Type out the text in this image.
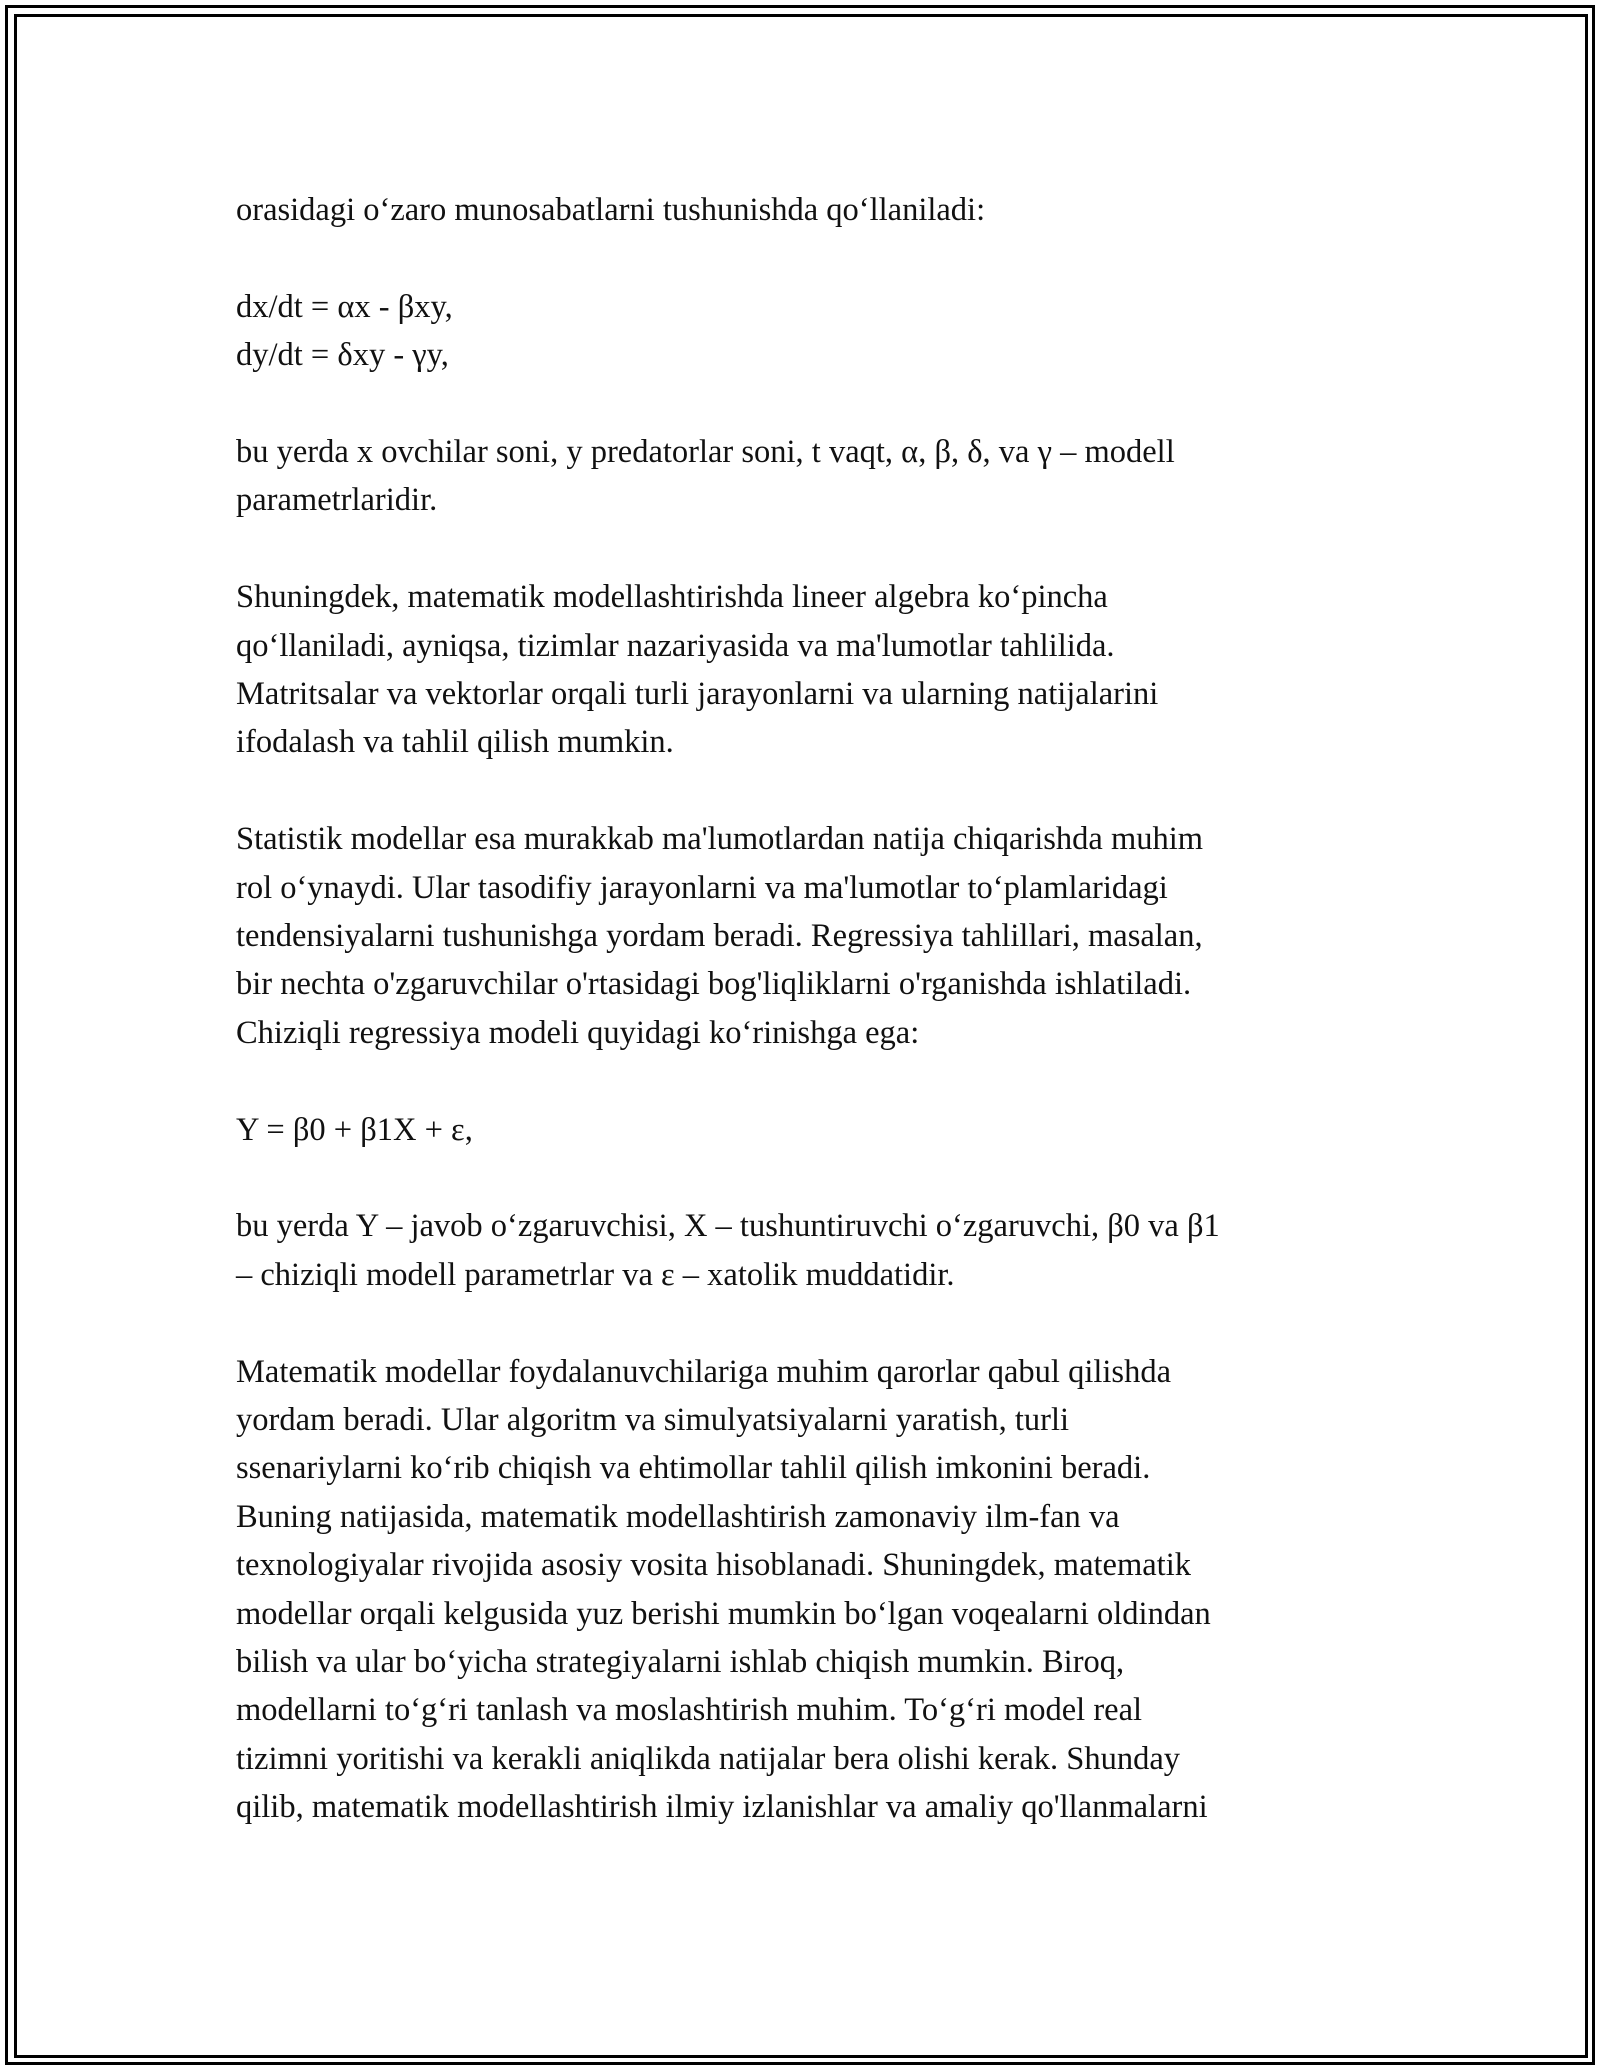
orasidagi o‘zaro munosabatlarni tushunishda qo‘llaniladi:

dx/dt = αx - βxy,
dy/dt = δxy - γy,

bu yerda x ovchilar soni, y predatorlar soni, t vaqt, α, β, δ, va γ – modell
parametrlaridir.

Shuningdek, matematik modellashtirishda lineer algebra ko‘pincha
qo‘llaniladi, ayniqsa, tizimlar nazariyasida va ma'lumotlar tahlilida.
Matritsalar va vektorlar orqali turli jarayonlarni va ularning natijalarini
ifodalash va tahlil qilish mumkin.

Statistik modellar esa murakkab ma'lumotlardan natija chiqarishda muhim
rol o‘ynaydi. Ular tasodifiy jarayonlarni va ma'lumotlar to‘plamlaridagi
tendensiyalarni tushunishga yordam beradi. Regressiya tahlillari, masalan,
bir nechta o'zgaruvchilar o'rtasidagi bog'liqliklarni o'rganishda ishlatiladi.
Chiziqli regressiya modeli quyidagi ko‘rinishga ega:

Y = β0 + β1X + ε,

bu yerda Y – javob o‘zgaruvchisi, X – tushuntiruvchi o‘zgaruvchi, β0 va β1
– chiziqli modell parametrlar va ε – xatolik muddatidir.

Matematik modellar foydalanuvchilariga muhim qarorlar qabul qilishda
yordam beradi. Ular algoritm va simulyatsiyalarni yaratish, turli
ssenariylarni ko‘rib chiqish va ehtimollar tahlil qilish imkonini beradi.
Buning natijasida, matematik modellashtirish zamonaviy ilm-fan va
texnologiyalar rivojida asosiy vosita hisoblanadi. Shuningdek, matematik
modellar orqali kelgusida yuz berishi mumkin bo‘lgan voqealarni oldindan
bilish va ular bo‘yicha strategiyalarni ishlab chiqish mumkin. Biroq,
modellarni to‘g‘ri tanlash va moslashtirish muhim. To‘g‘ri model real
tizimni yoritishi va kerakli aniqlikda natijalar bera olishi kerak. Shunday
qilib, matematik modellashtirish ilmiy izlanishlar va amaliy qo'llanmalarni
